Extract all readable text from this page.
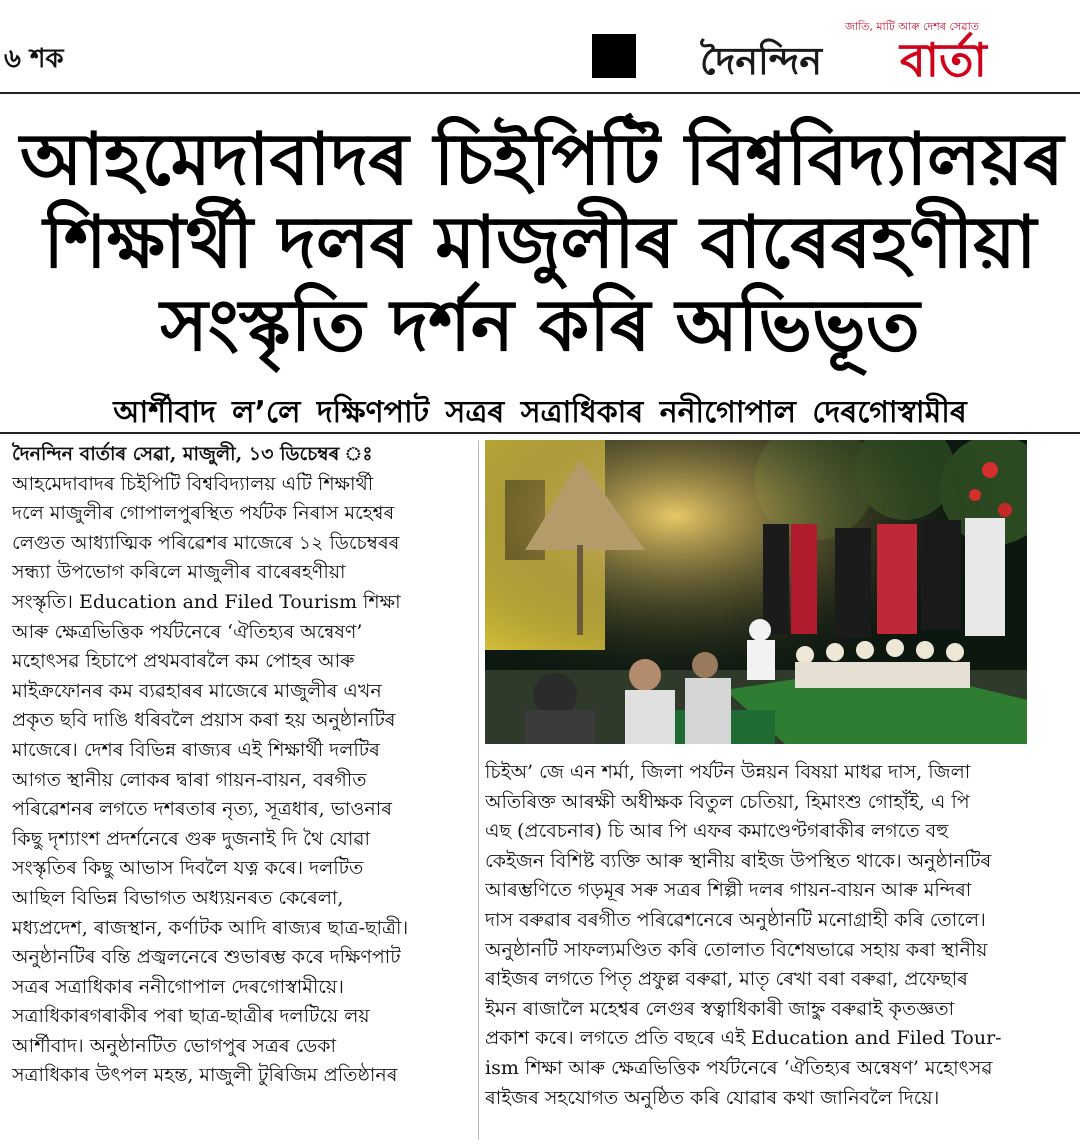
৬ শক
জাতি, মাটি আৰু দেশৰ সেৱাত
দৈনন্দিন বাৰ্তা
আহমেদাবাদৰ চিইপিটি বিশ্ববিদ্যালয়ৰ
শিক্ষাৰ্থী দলৰ মাজুলীৰ বাৰেৰহণীয়া
সংস্কৃতি দৰ্শন কৰি অভিভূত
আৰ্শীবাদ ল’লে দক্ষিণপাট সত্ৰৰ সত্ৰাধিকাৰ ননীগোপাল দেৰগোস্বামীৰ
দৈনন্দিন বাৰ্তাৰ সেৱা, মাজুলী, ১৩ ডিচেম্বৰ ঃ
আহমেদাবাদৰ চিইপিটি বিশ্ববিদ্যালয় এটি শিক্ষাৰ্থী
দলে মাজুলীৰ গোপালপুৰস্থিত পৰ্যটক নিৰাস মহেশ্বৰ
লেগুত আধ্যাত্মিক পৰিৱেশৰ মাজেৰে ১২ ডিচেম্বৰৰ
সন্ধ্যা উপভোগ কৰিলে মাজুলীৰ বাৰেৰহণীয়া
সংস্কৃতি। Education and Filed Tourism শিক্ষা
আৰু ক্ষেত্ৰভিত্তিক পৰ্যটনেৰে ‘ঐতিহ্যৰ অন্বেষণ’
মহোৎসৱ হিচাপে প্ৰথমবাৰলৈ কম পোহৰ আৰু
মাইক্ৰফোনৰ কম ব্যৱহাৰৰ মাজেৰে মাজুলীৰ এখন
প্ৰকৃত ছবি দাঙি ধৰিবলৈ প্ৰয়াস কৰা হয় অনুষ্ঠানটিৰ
মাজেৰে। দেশৰ বিভিন্ন ৰাজ্যৰ এই শিক্ষাৰ্থী দলটিৰ
আগত স্থানীয় লোকৰ দ্বাৰা গায়ন-বায়ন, বৰগীত
পৰিৱেশনৰ লগতে দশৰতাৰ নৃত্য, সূত্ৰধাৰ, ভাওনাৰ
কিছু দৃশ্যাংশ প্ৰদৰ্শনেৰে গুৰু দুজনাই দি থৈ যোৱা
সংস্কৃতিৰ কিছু আভাস দিবলৈ যত্ন কৰে। দলটিত
আছিল বিভিন্ন বিভাগত অধ্যয়নৰত কেৰেলা,
মধ্যপ্ৰদেশ, ৰাজস্থান, কৰ্ণাটক আদি ৰাজ্যৰ ছাত্ৰ-ছাত্ৰী।
অনুষ্ঠানটিৰ বন্তি প্ৰজ্বলনেৰে শুভাৰম্ভ কৰে দক্ষিণপাট
সত্ৰৰ সত্ৰাধিকাৰ ননীগোপাল দেৰগোস্বামীয়ে।
সত্ৰাধিকাৰগৰাকীৰ পৰা ছাত্ৰ-ছাত্ৰীৰ দলটিয়ে লয়
আৰ্শীবাদ। অনুষ্ঠানটিত ভোগপুৰ সত্ৰৰ ডেকা
সত্ৰাধিকাৰ উৎপল মহন্ত, মাজুলী টুৰিজিম প্ৰতিষ্ঠানৰ
চিইঅ’ জে এন শৰ্মা, জিলা পৰ্যটন উন্নয়ন বিষয়া মাধৱ দাস, জিলা
অতিৰিক্ত আৰক্ষী অধীক্ষক বিতুল চেতিয়া, হিমাংশু গোহাঁই, এ পি
এছ (প্ৰবেচনাৰ) চি আৰ পি এফৰ কমাণ্ডেণ্টগৰাকীৰ লগতে বহু
কেইজন বিশিষ্ট ব্যক্তি আৰু স্থানীয় ৰাইজ উপস্থিত থাকে। অনুষ্ঠানটিৰ
আৰম্ভণিতে গড়মূৰ সৰু সত্ৰৰ শিল্পী দলৰ গায়ন-বায়ন আৰু মন্দিৰা
দাস বৰুৱাৰ বৰগীত পৰিৱেশনেৰে অনুষ্ঠানটি মনোগ্ৰাহী কৰি তোলে।
অনুষ্ঠানটি সাফল্যমণ্ডিত কৰি তোলাত বিশেষভাৱে সহায় কৰা স্থানীয়
ৰাইজৰ লগতে পিতৃ প্ৰফুল্ল বৰুৱা, মাতৃ ৰেখা বৰা বৰুৱা, প্ৰফেছাৰ
ইমন ৰাজালৈ মহেশ্বৰ লেগুৰ স্বত্বাধিকাৰী জাহ্নু বৰুৱাই কৃতজ্ঞতা
প্ৰকাশ কৰে। লগতে প্ৰতি বছৰে এই Education and Filed Tour-
ism শিক্ষা আৰু ক্ষেত্ৰভিত্তিক পৰ্যটনেৰে ‘ঐতিহ্যৰ অন্বেষণ’ মহোৎসৱ
ৰাইজৰ সহযোগত অনুষ্ঠিত কৰি যোৱাৰ কথা জানিবলৈ দিয়ে।
